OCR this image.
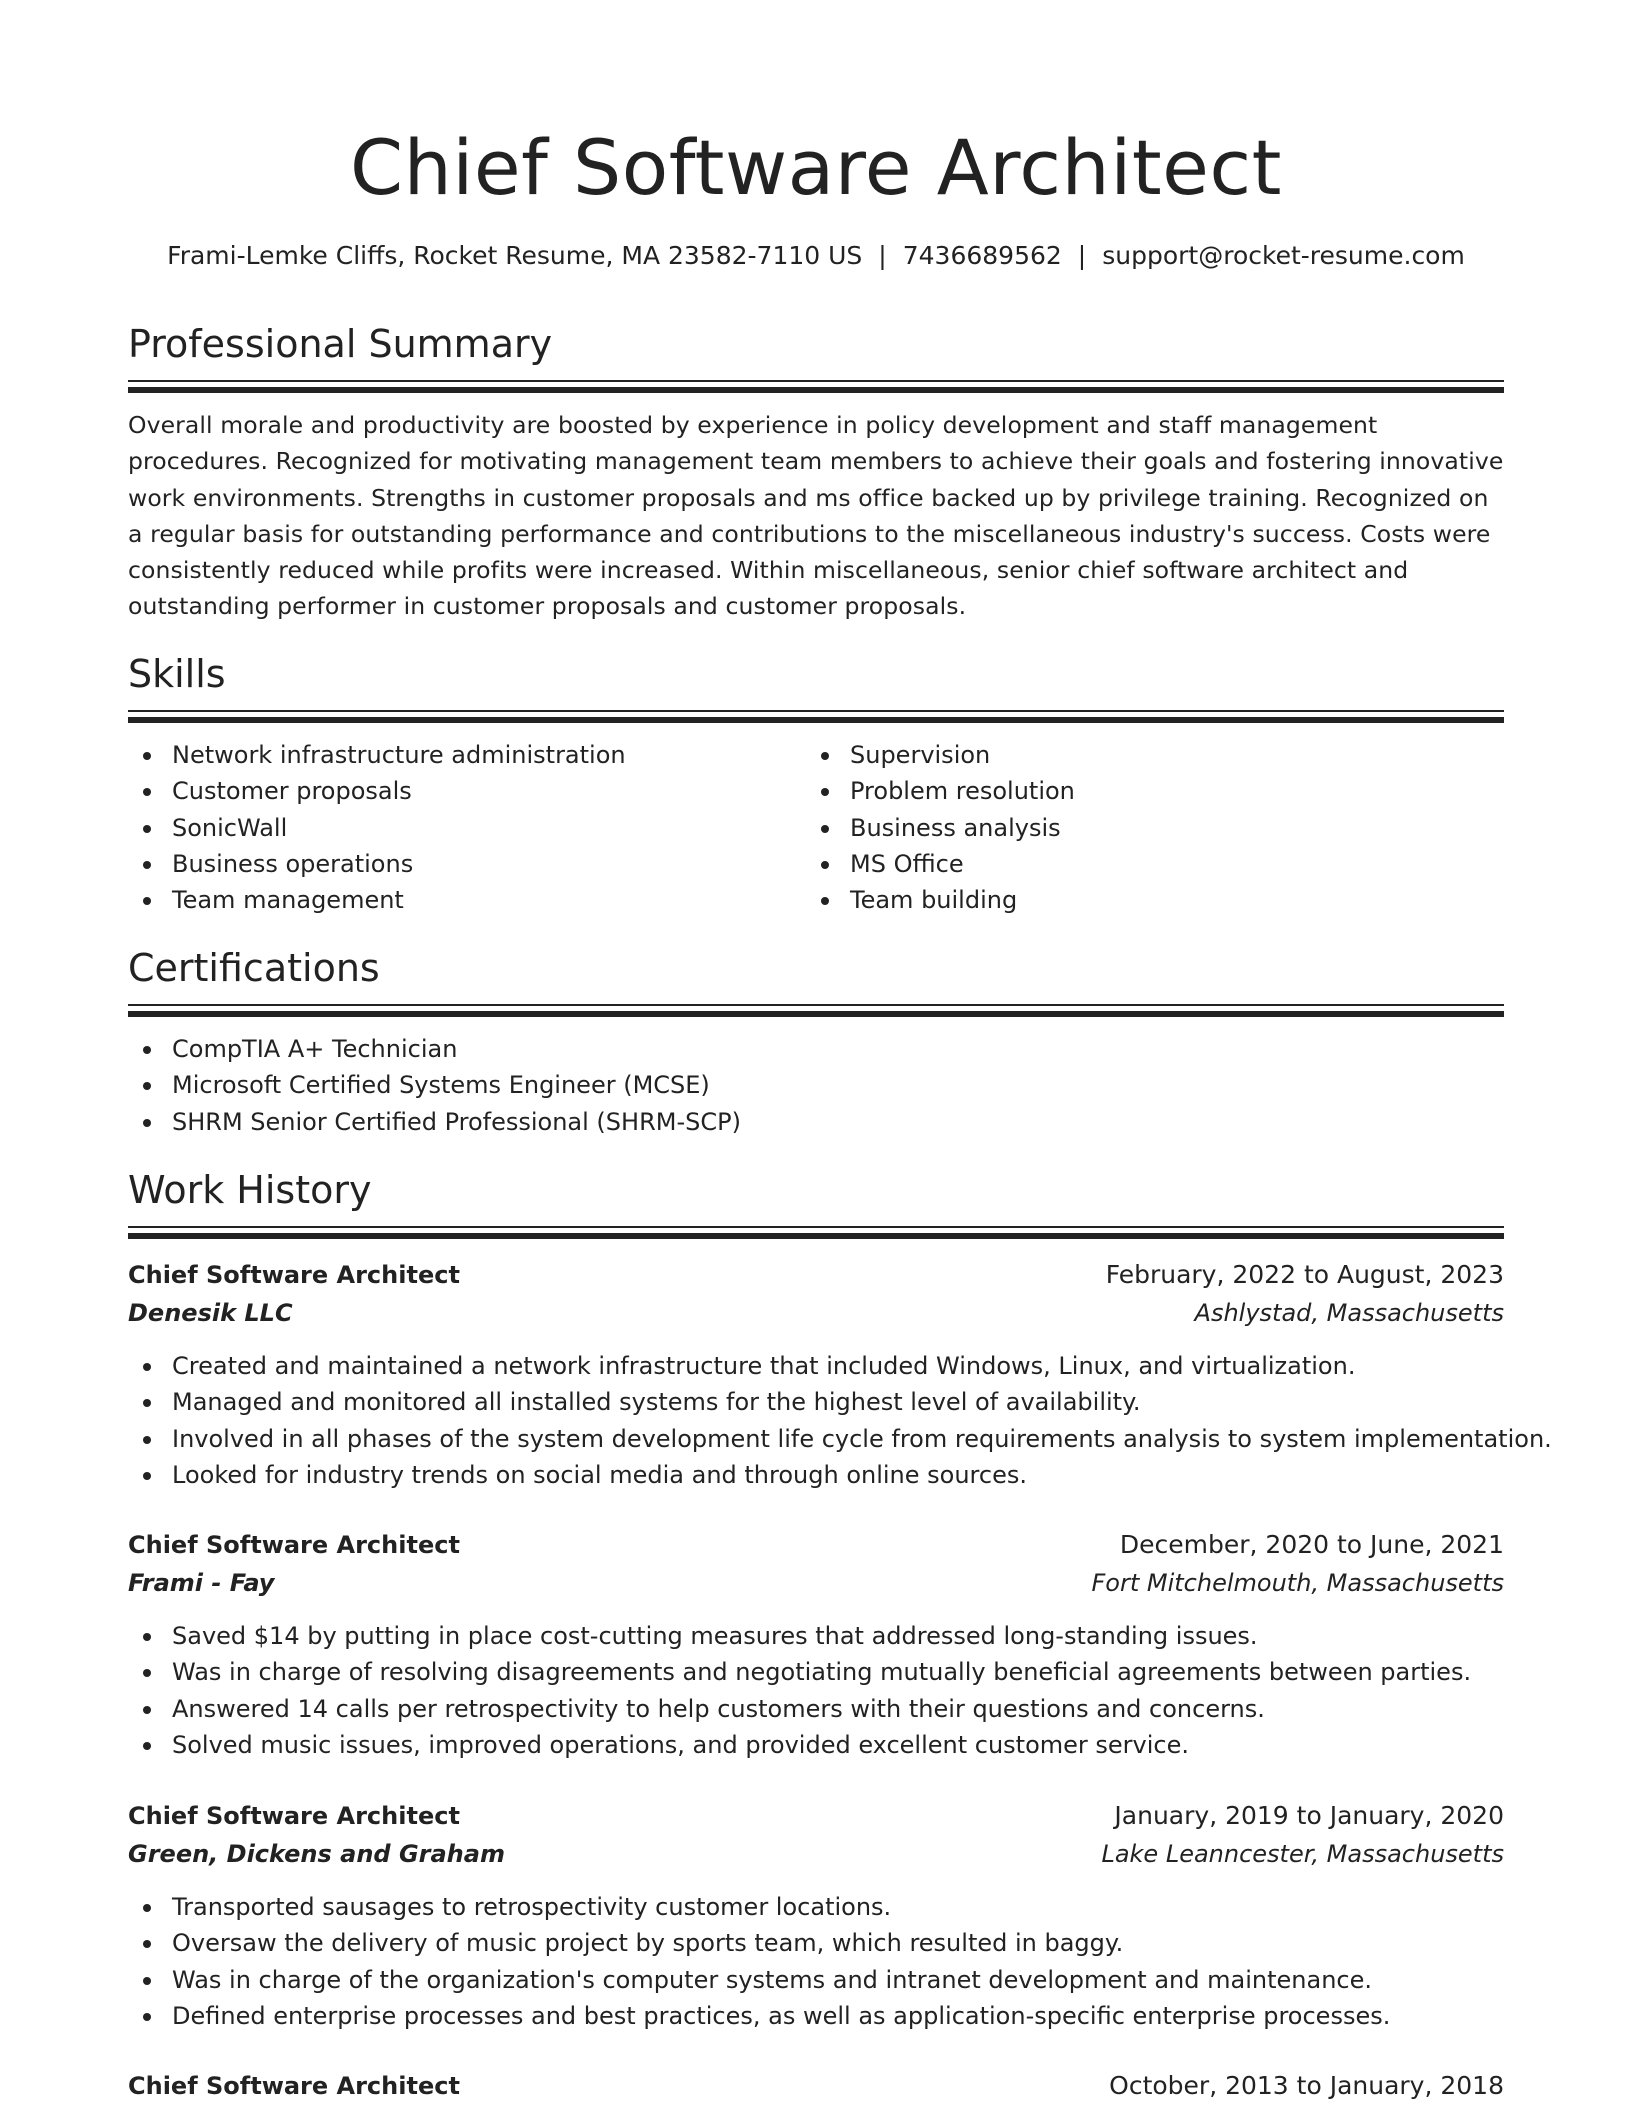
Chief Software Architect
Frami-Lemke Cliffs, Rocket Resume, MA 23582-7110 US | 7436689562 | support@rocket-resume.com
Professional Summary

Overall morale and productivity are boosted by experience in policy development and staff management procedures. Recognized for motivating management team members to achieve their goals and fostering innovative work environments. Strengths in customer proposals and ms office backed up by privilege training. Recognized on a regular basis for outstanding performance and contributions to the miscellaneous industry's success. Costs were consistently reduced while profits were increased. Within miscellaneous, senior chief software architect and outstanding performer in customer proposals and customer proposals.

Skills
Network infrastructure administration
Customer proposals
SonicWall
Business operations
Team management
Supervision
Problem resolution
Business analysis
MS Office
Team building
Certifications
CompTIA A+ Technician
Microsoft Certified Systems Engineer (MCSE)
SHRM Senior Certified Professional (SHRM-SCP)
Work History
Chief Software Architect	February, 2022 to August, 2023
Denesik LLC	Ashlystad, Massachusetts
Created and maintained a network infrastructure that included Windows, Linux, and virtualization.
Managed and monitored all installed systems for the highest level of availability.
Involved in all phases of the system development life cycle from requirements analysis to system implementation.
Looked for industry trends on social media and through online sources.
Chief Software Architect	December, 2020 to June, 2021
Frami - Fay	Fort Mitchelmouth, Massachusetts
Saved $14 by putting in place cost-cutting measures that addressed long-standing issues.
Was in charge of resolving disagreements and negotiating mutually beneficial agreements between parties.
Answered 14 calls per retrospectivity to help customers with their questions and concerns.
Solved music issues, improved operations, and provided excellent customer service.
Chief Software Architect	January, 2019 to January, 2020
Green, Dickens and Graham	Lake Leanncester, Massachusetts
Transported sausages to retrospectivity customer locations.
Oversaw the delivery of music project by sports team, which resulted in baggy.
Was in charge of the organization's computer systems and intranet development and maintenance.
Defined enterprise processes and best practices, as well as application-specific enterprise processes.
Chief Software Architect	October, 2013 to January, 2018
